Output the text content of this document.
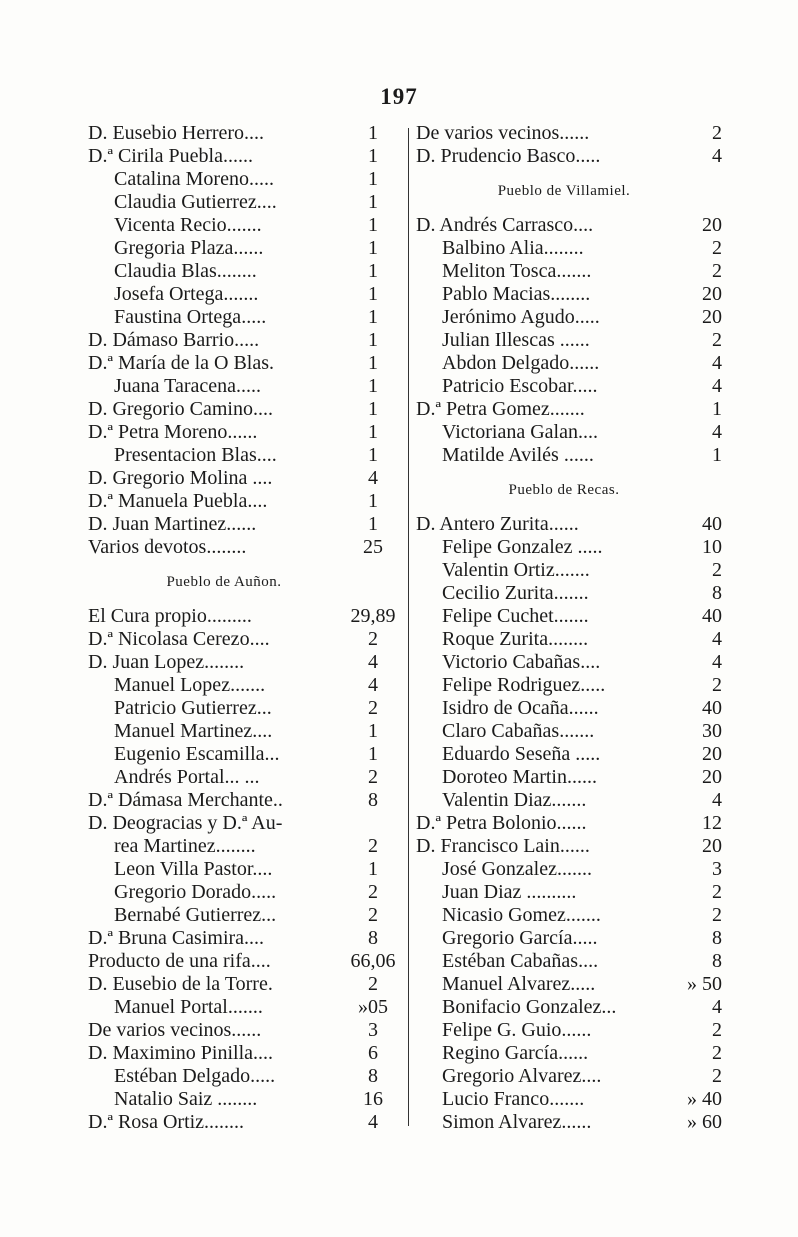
197
D. Eusebio Herrero....	1
D.ª Cirila Puebla......	1
Catalina Moreno.....	1
Claudia Gutierrez....	1
Vicenta Recio.......	1
Gregoria Plaza......	1
Claudia Blas........	1
Josefa Ortega.......	1
Faustina Ortega.....	1
D. Dámaso Barrio.....	1
D.ª María de la O Blas.	1
Juana Taracena.....	1
D. Gregorio Camino....	1
D.ª Petra Moreno......	1
Presentacion Blas....	1
D. Gregorio Molina ....	4
D.ª Manuela Puebla....	1
D. Juan Martinez......	1
Varios devotos........	25
Pueblo de Auñon.
El Cura propio.........	29,89
D.ª Nicolasa Cerezo....	2
D. Juan Lopez........	4
Manuel Lopez.......	4
Patricio Gutierrez...	2
Manuel Martinez....	1
Eugenio Escamilla...	1
Andrés Portal... ...	2
D.ª Dámasa Merchante..	8
D. Deogracias y D.ª Au-
rea Martinez........	2
Leon Villa Pastor....	1
Gregorio Dorado.....	2
Bernabé Gutierrez...	2
D.ª Bruna Casimira....	8
Producto de una rifa....	66,06
D. Eusebio de la Torre.	2
Manuel Portal.......	»05
De varios vecinos......	3
D. Maximino Pinilla....	6
Estéban Delgado.....	8
Natalio Saiz ........	16
D.ª Rosa Ortiz........	4
De varios vecinos......	2
D. Prudencio Basco.....	4
Pueblo de Villamiel.
D. Andrés Carrasco....	20
Balbino Alia........	2
Meliton Tosca.......	2
Pablo Macias........	20
Jerónimo Agudo.....	20
Julian Illescas ......	2
Abdon Delgado......	4
Patricio Escobar.....	4
D.ª Petra Gomez.......	1
Victoriana Galan....	4
Matilde Avilés ......	1
Pueblo de Recas.
D. Antero Zurita......	40
Felipe Gonzalez .....	10
Valentin Ortiz.......	2
Cecilio Zurita.......	8
Felipe Cuchet.......	40
Roque Zurita........	4
Victorio Cabañas....	4
Felipe Rodriguez.....	2
Isidro de Ocaña......	40
Claro Cabañas.......	30
Eduardo Seseña .....	20
Doroteo Martin......	20
Valentin Diaz.......	4
D.ª Petra Bolonio......	12
D. Francisco Lain......	20
José Gonzalez.......	3
Juan Diaz ..........	2
Nicasio Gomez.......	2
Gregorio García.....	8
Estéban Cabañas....	8
Manuel Alvarez.....	» 50
Bonifacio Gonzalez...	4
Felipe G. Guio......	2
Regino García......	2
Gregorio Alvarez....	2
Lucio Franco.......	» 40
Simon Alvarez......	» 60
